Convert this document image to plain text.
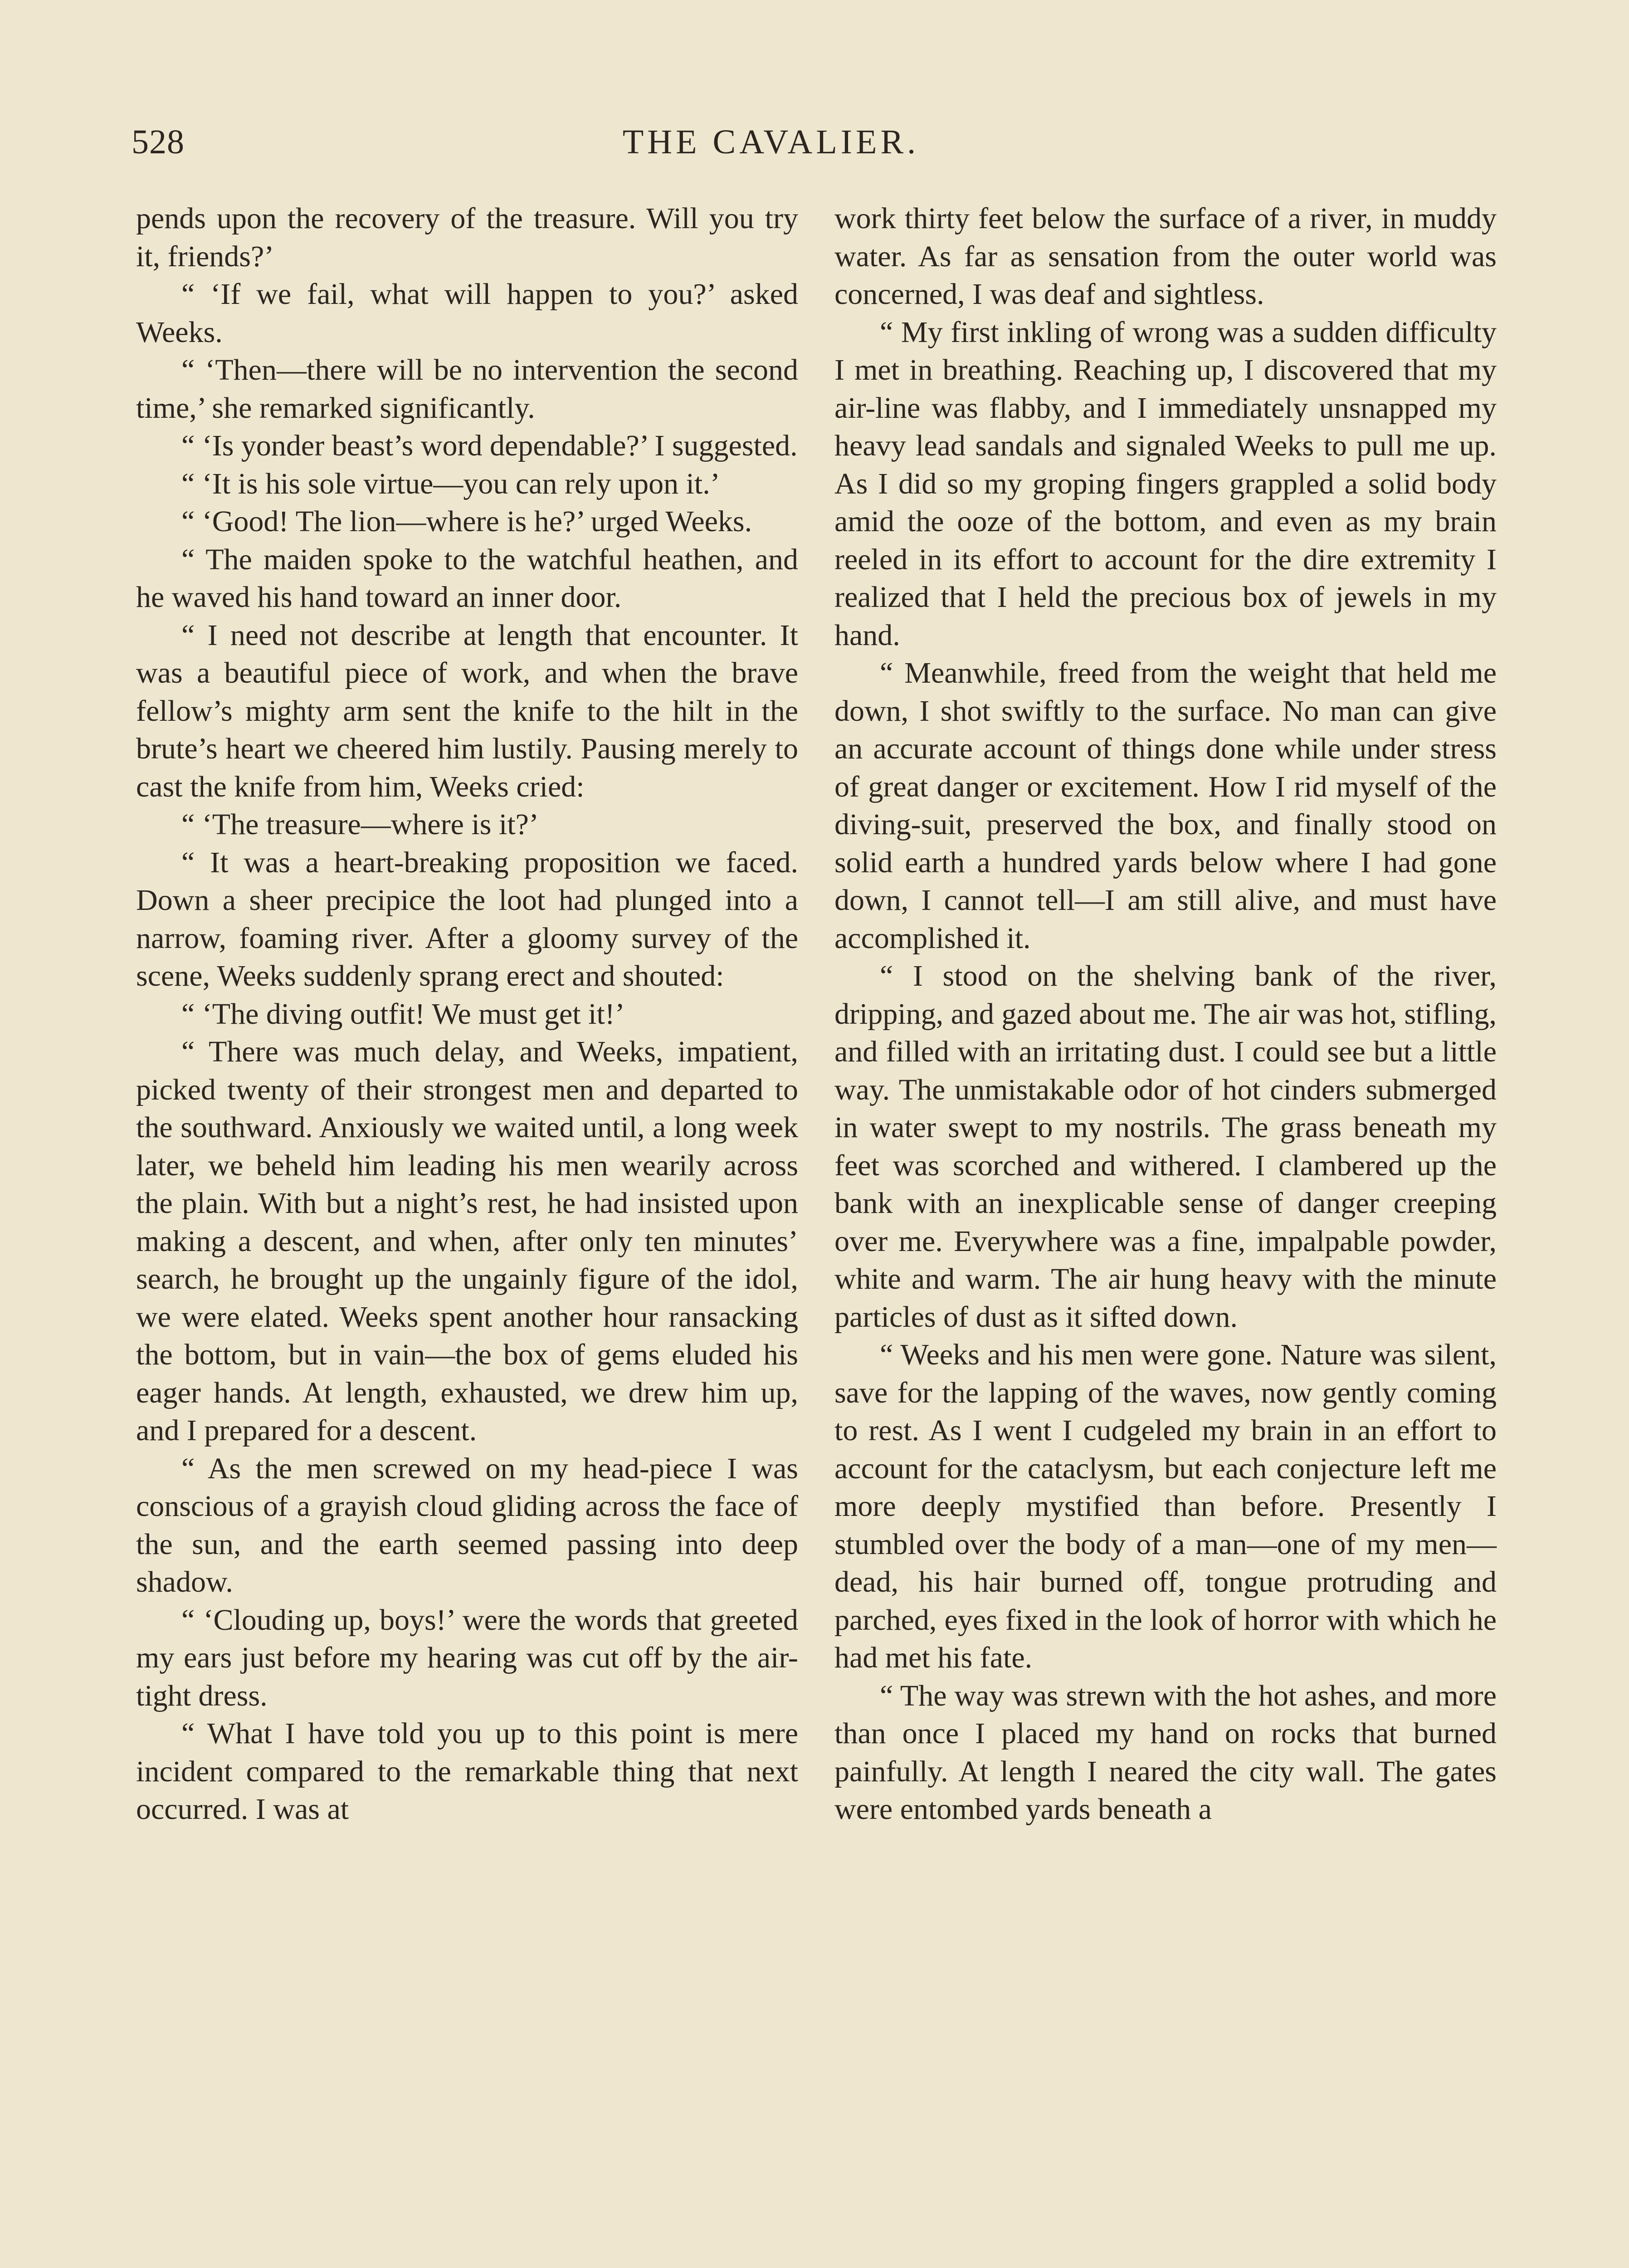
528	THE CAVALIER.

pends upon the recovery of the treasure. Will you try it, friends?’

“ ‘If we fail, what will happen to you?’ asked Weeks.

“ ‘Then—there will be no intervention the second time,’ she remarked significantly.

“ ‘Is yonder beast’s word dependable?’ I suggested.

“ ‘It is his sole virtue—you can rely upon it.’

“ ‘Good! The lion—where is he?’ urged Weeks.

“ The maiden spoke to the watchful heathen, and he waved his hand toward an inner door.

“ I need not describe at length that encounter. It was a beautiful piece of work, and when the brave fellow’s mighty arm sent the knife to the hilt in the brute’s heart we cheered him lustily. Pausing merely to cast the knife from him, Weeks cried:

“ ‘The treasure—where is it?’

“ It was a heart-breaking proposition we faced. Down a sheer precipice the loot had plunged into a narrow, foaming river. After a gloomy survey of the scene, Weeks suddenly sprang erect and shouted:

“ ‘The diving outfit! We must get it!’

“ There was much delay, and Weeks, impatient, picked twenty of their strongest men and departed to the southward. Anxiously we waited until, a long week later, we beheld him leading his men wearily across the plain. With but a night’s rest, he had insisted upon making a descent, and when, after only ten minutes’ search, he brought up the ungainly figure of the idol, we were elated. Weeks spent another hour ransacking the bottom, but in vain—the box of gems eluded his eager hands. At length, exhausted, we drew him up, and I prepared for a descent.

“ As the men screwed on my head-piece I was conscious of a grayish cloud gliding across the face of the sun, and the earth seemed passing into deep shadow.

“ ‘Clouding up, boys!’ were the words that greeted my ears just before my hearing was cut off by the air-tight dress.

“ What I have told you up to this point is mere incident compared to the remarkable thing that next occurred. I was at

work thirty feet below the surface of a river, in muddy water. As far as sensation from the outer world was concerned, I was deaf and sightless.

“ My first inkling of wrong was a sudden difficulty I met in breathing. Reaching up, I discovered that my air-line was flabby, and I immediately unsnapped my heavy lead sandals and signaled Weeks to pull me up. As I did so my groping fingers grappled a solid body amid the ooze of the bottom, and even as my brain reeled in its effort to account for the dire extremity I realized that I held the precious box of jewels in my hand.

“ Meanwhile, freed from the weight that held me down, I shot swiftly to the surface. No man can give an accurate account of things done while under stress of great danger or excitement. How I rid myself of the diving-suit, preserved the box, and finally stood on solid earth a hundred yards below where I had gone down, I cannot tell—I am still alive, and must have accomplished it.

“ I stood on the shelving bank of the river, dripping, and gazed about me. The air was hot, stifling, and filled with an irritating dust. I could see but a little way. The unmistakable odor of hot cinders submerged in water swept to my nostrils. The grass beneath my feet was scorched and withered. I clambered up the bank with an inexplicable sense of danger creeping over me. Everywhere was a fine, impalpable powder, white and warm. The air hung heavy with the minute particles of dust as it sifted down.

“ Weeks and his men were gone. Nature was silent, save for the lapping of the waves, now gently coming to rest. As I went I cudgeled my brain in an effort to account for the cataclysm, but each conjecture left me more deeply mystified than before. Presently I stumbled over the body of a man—one of my men—dead, his hair burned off, tongue protruding and parched, eyes fixed in the look of horror with which he had met his fate.

“ The way was strewn with the hot ashes, and more than once I placed my hand on rocks that burned painfully. At length I neared the city wall. The gates were entombed yards beneath a
